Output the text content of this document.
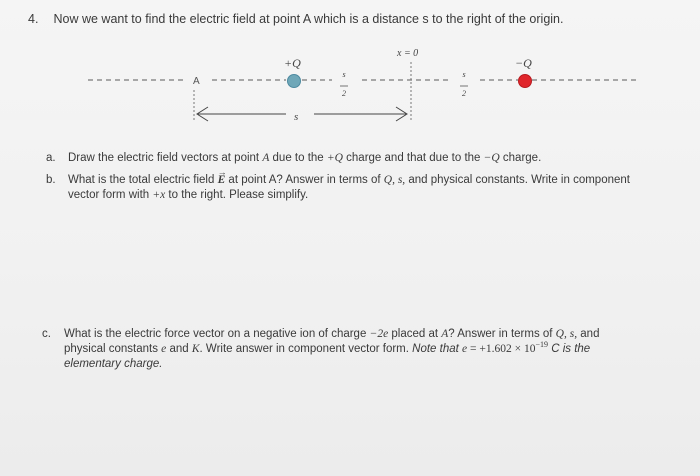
4. Now we want to find the electric field at point A which is a distance s to the right of the origin.
x = 0
+Q	−Q
s
s
2
s
2
A
a. Draw the electric field vectors at point A due to the +Q charge and that due to the −Q charge.
b. What is the total electric field → E at point A? Answer in terms of Q, s, and physical constants. Write in component
vector form with +x to the right. Please simplify.
c. What is the electric force vector on a negative ion of charge −2e placed at A? Answer in terms of Q, s, and
physical constants e and K. Write answer in component vector form. Note that $e = +1.602 \times 10^{-19}$ C is the
elementary charge.
